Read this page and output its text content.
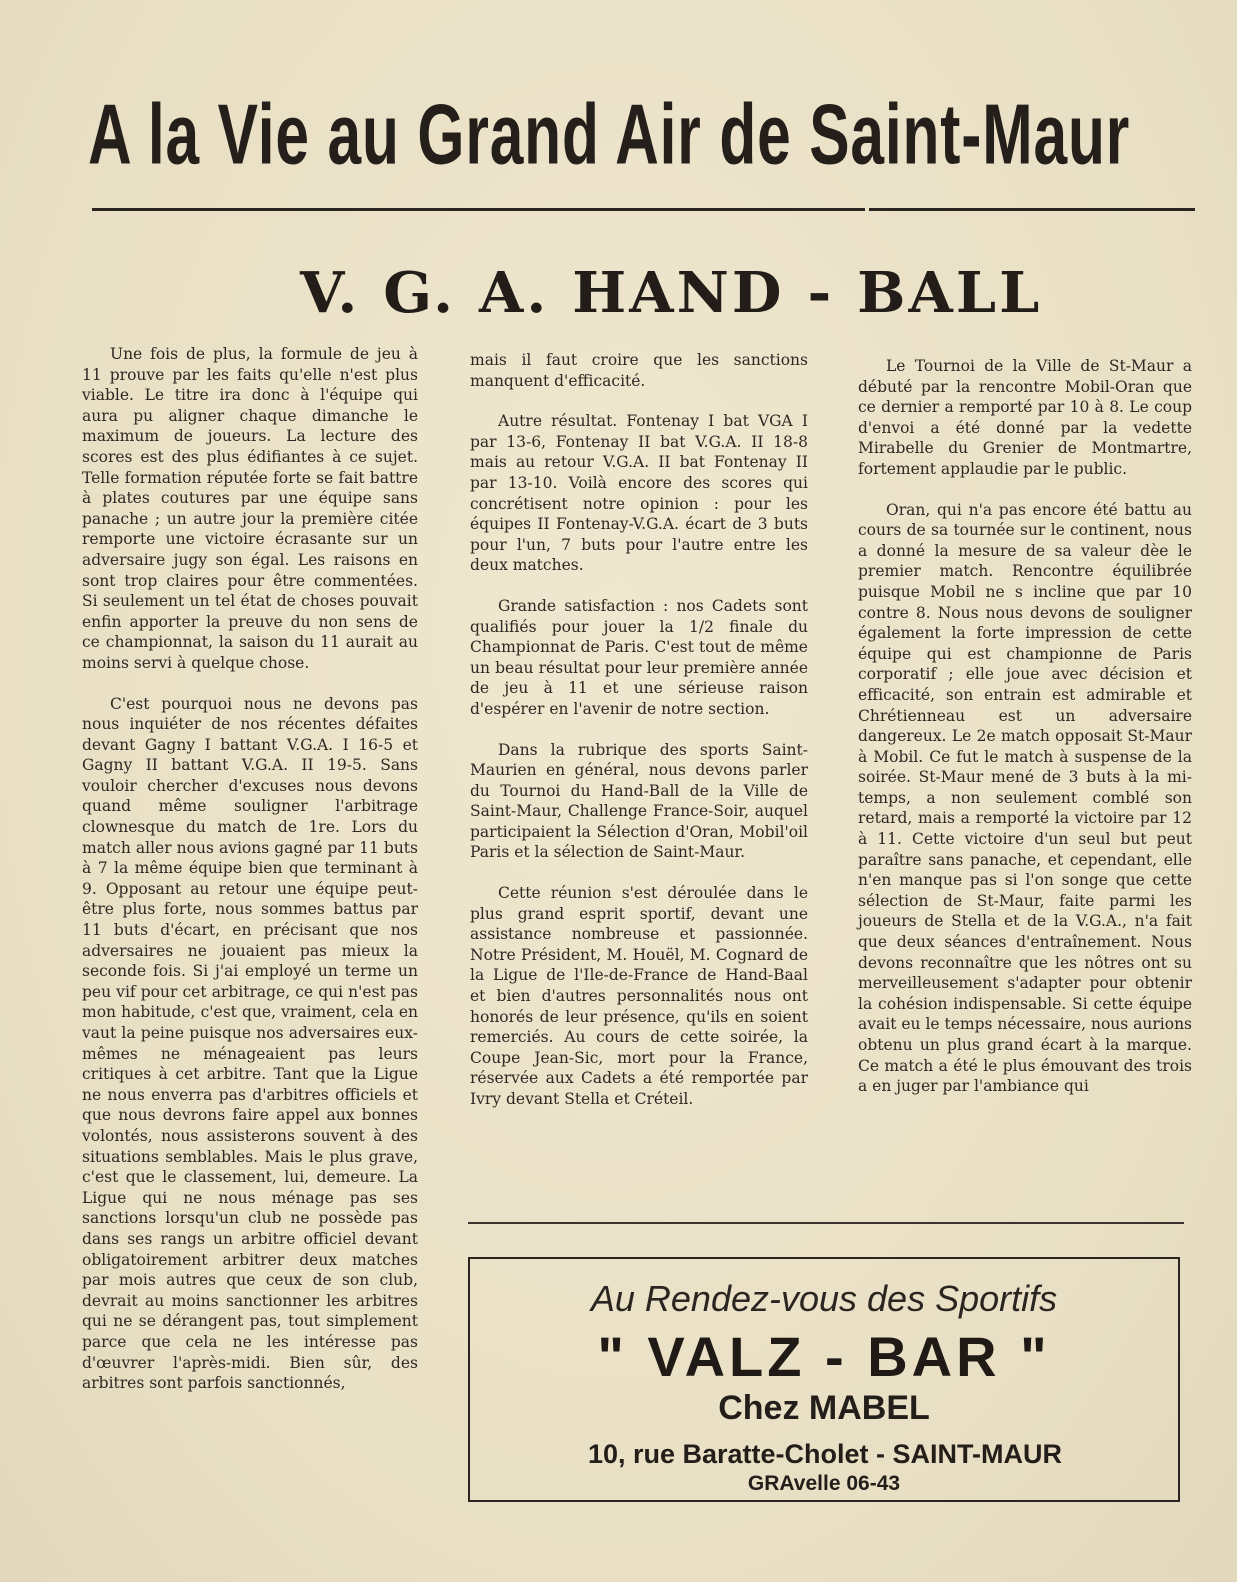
A la Vie au Grand Air de Saint-Maur
V. G. A. HAND - BALL

Une fois de plus, la formule de jeu à 11 prouve par les faits qu'elle n'est plus viable. Le titre ira donc à l'équipe qui aura pu aligner chaque dimanche le maximum de joueurs. La lecture des scores est des plus édifiantes à ce sujet. Telle formation réputée forte se fait battre à plates coutures par une équipe sans panache ; un autre jour la première citée remporte une victoire écrasante sur un adversaire jugy son égal. Les raisons en sont trop claires pour être commentées. Si seulement un tel état de choses pouvait enfin apporter la preuve du non sens de ce championnat, la saison du 11 aurait au moins servi à quelque chose.

C'est pourquoi nous ne devons pas nous inquiéter de nos récentes défaites devant Gagny I battant V.G.A. I 16-5 et Gagny II battant V.G.A. II 19-5. Sans vouloir chercher d'excuses nous devons quand même souligner l'arbitrage clownesque du match de 1re. Lors du match aller nous avions gagné par 11 buts à 7 la même équipe bien que terminant à 9. Opposant au retour une équipe peut-être plus forte, nous sommes battus par 11 buts d'écart, en précisant que nos adversaires ne jouaient pas mieux la seconde fois. Si j'ai employé un terme un peu vif pour cet arbitrage, ce qui n'est pas mon habitude, c'est que, vraiment, cela en vaut la peine puisque nos adversaires eux-mêmes ne ménageaient pas leurs critiques à cet arbitre. Tant que la Ligue ne nous enverra pas d'arbitres officiels et que nous devrons faire appel aux bonnes volontés, nous assisterons souvent à des situations semblables. Mais le plus grave, c'est que le classement, lui, demeure. La Ligue qui ne nous ménage pas ses sanctions lorsqu'un club ne possède pas dans ses rangs un arbitre officiel devant obligatoirement arbitrer deux matches par mois autres que ceux de son club, devrait au moins sanctionner les arbitres qui ne se dérangent pas, tout simplement parce que cela ne les intéresse pas d'œuvrer l'après-midi. Bien sûr, des arbitres sont parfois sanctionnés,

mais il faut croire que les sanctions manquent d'efficacité.

Autre résultat. Fontenay I bat VGA I par 13-6, Fontenay II bat V.G.A. II 18-8 mais au retour V.G.A. II bat Fontenay II par 13-10. Voilà encore des scores qui concrétisent notre opinion : pour les équipes II Fontenay-V.G.A. écart de 3 buts pour l'un, 7 buts pour l'autre entre les deux matches.

Grande satisfaction : nos Cadets sont qualifiés pour jouer la 1/2 finale du Championnat de Paris. C'est tout de même un beau résultat pour leur première année de jeu à 11 et une sérieuse raison d'espérer en l'avenir de notre section.

Dans la rubrique des sports Saint-Maurien en général, nous devons parler du Tournoi du Hand-Ball de la Ville de Saint-Maur, Challenge France-Soir, auquel participaient la Sélection d'Oran, Mobil'oil Paris et la sélection de Saint-Maur.

Cette réunion s'est déroulée dans le plus grand esprit sportif, devant une assistance nombreuse et passionnée. Notre Président, M. Houël, M. Cognard de la Ligue de l'Ile-de-France de Hand-Baal et bien d'autres personnalités nous ont honorés de leur présence, qu'ils en soient remerciés. Au cours de cette soirée, la Coupe Jean-Sic, mort pour la France, réservée aux Cadets a été remportée par Ivry devant Stella et Créteil.

Le Tournoi de la Ville de St-Maur a débuté par la rencontre Mobil-Oran que ce dernier a remporté par 10 à 8. Le coup d'envoi a été donné par la vedette Mirabelle du Grenier de Montmartre, fortement applaudie par le public.

Oran, qui n'a pas encore été battu au cours de sa tournée sur le continent, nous a donné la mesure de sa valeur dèe le premier match. Rencontre équilibrée puisque Mobil ne s incline que par 10 contre 8. Nous nous devons de souligner également la forte impression de cette équipe qui est championne de Paris corporatif ; elle joue avec décision et efficacité, son entrain est admirable et Chrétienneau est un adversaire dangereux. Le 2e match opposait St-Maur à Mobil. Ce fut le match à suspense de la soirée. St-Maur mené de 3 buts à la mi-temps, a non seulement comblé son retard, mais a remporté la victoire par 12 à 11. Cette victoire d'un seul but peut paraître sans panache, et cependant, elle n'en manque pas si l'on songe que cette sélection de St-Maur, faite parmi les joueurs de Stella et de la V.G.A., n'a fait que deux séances d'entraînement. Nous devons reconnaître que les nôtres ont su merveilleusement s'adapter pour obtenir la cohésion indispensable. Si cette équipe avait eu le temps nécessaire, nous aurions obtenu un plus grand écart à la marque. Ce match a été le plus émouvant des trois a en juger par l'ambiance qui

Au Rendez-vous des Sportifs
" VALZ - BAR "
Chez MABEL
10, rue Baratte-Cholet - SAINT-MAUR
GRAvelle 06-43
